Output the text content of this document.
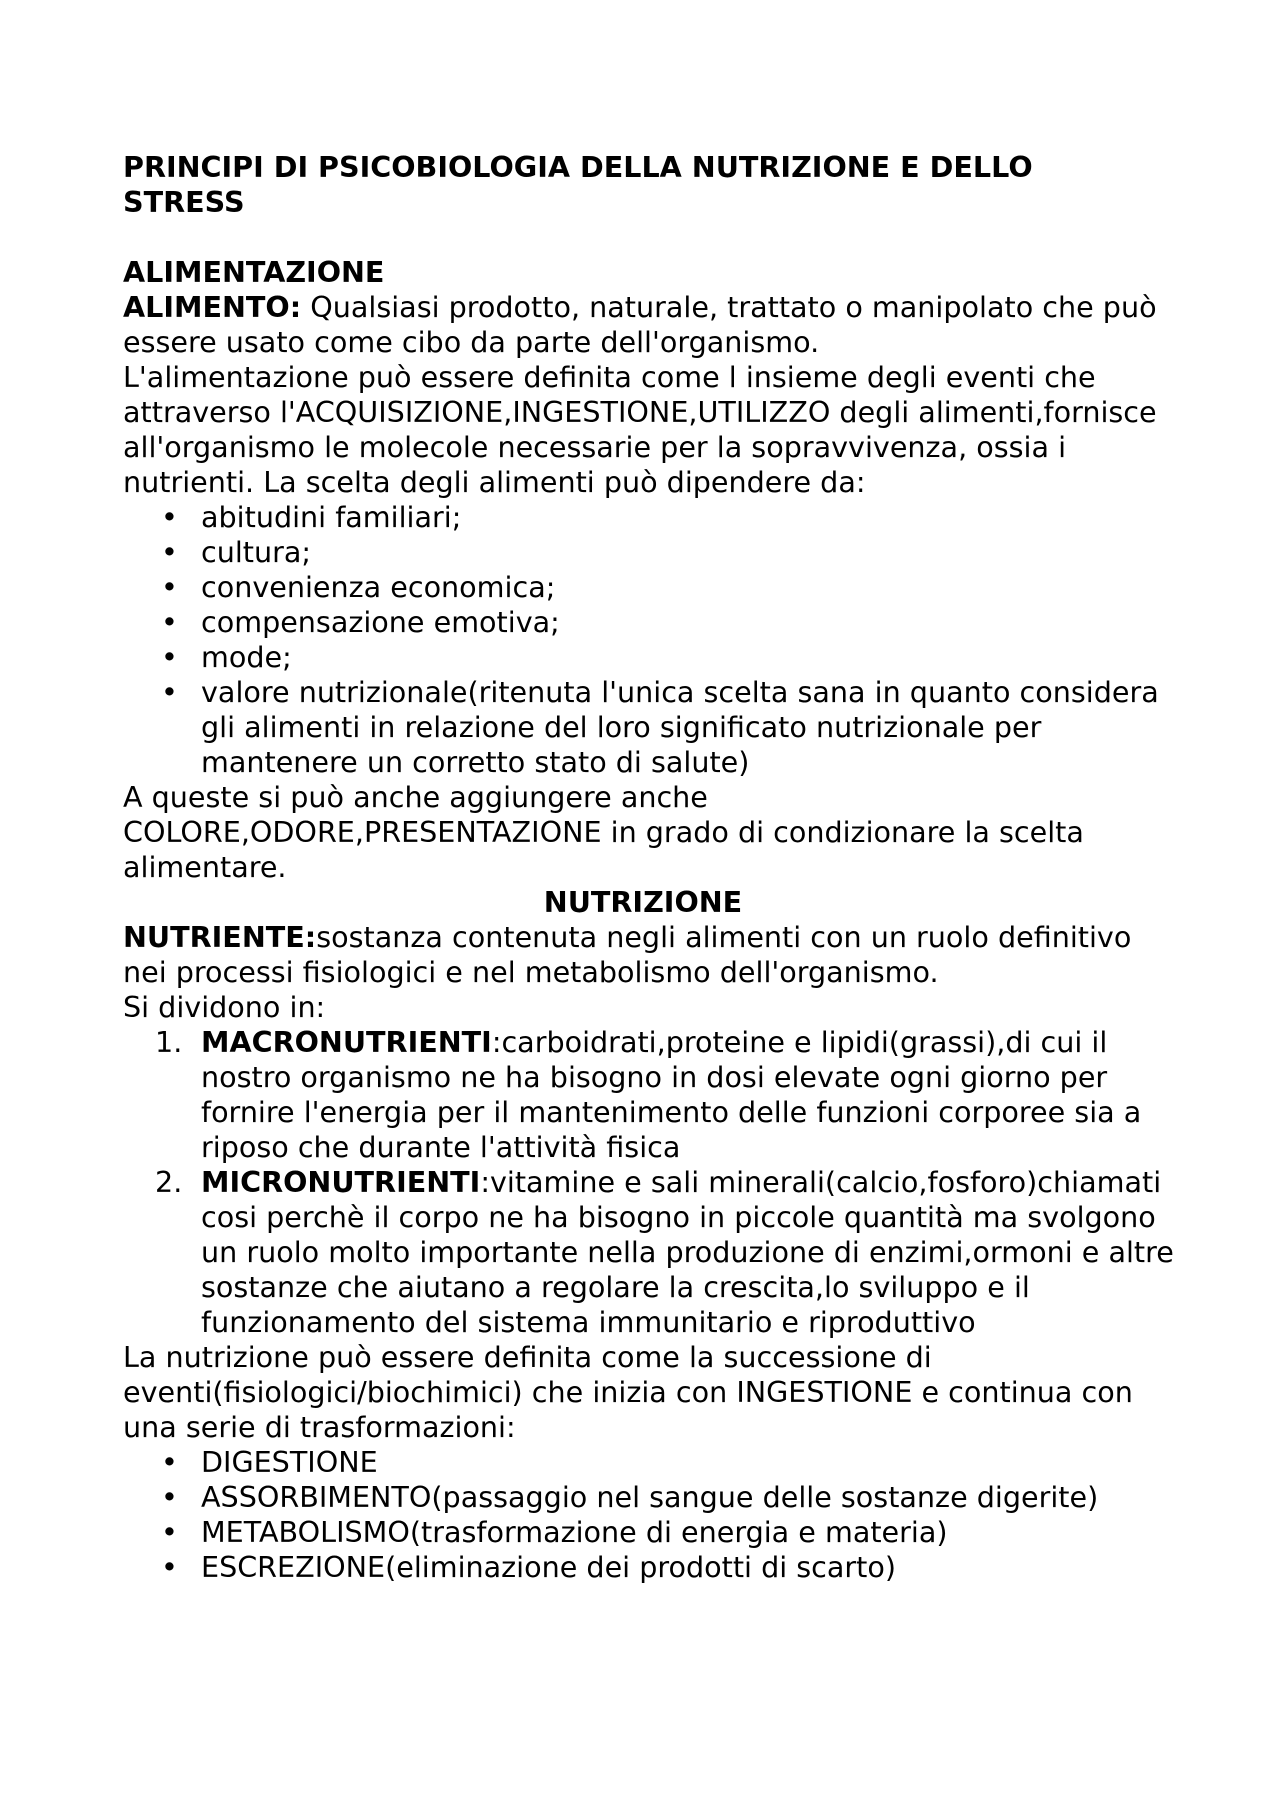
PRINCIPI DI PSICOBIOLOGIA DELLA NUTRIZIONE E DELLO STRESS

ALIMENTAZIONE

ALIMENTO: Qualsiasi prodotto, naturale, trattato o manipolato che può essere usato come cibo da parte dell'organismo.

L'alimentazione può essere definita come l insieme degli eventi che attraverso l'ACQUISIZIONE,INGESTIONE,UTILIZZO degli alimenti,fornisce all'organismo le molecole necessarie per la sopravvivenza, ossia i nutrienti. La scelta degli alimenti può dipendere da:

• abitudini familiari;
• cultura;
• convenienza economica;
• compensazione emotiva;
• mode;
• valore nutrizionale(ritenuta l'unica scelta sana in quanto considera gli alimenti in relazione del loro significato nutrizionale per mantenere un corretto stato di salute)

A queste si può anche aggiungere anche COLORE,ODORE,PRESENTAZIONE in grado di condizionare la scelta alimentare.

NUTRIZIONE

NUTRIENTE:sostanza contenuta negli alimenti con un ruolo definitivo nei processi fisiologici e nel metabolismo dell'organismo.

Si dividono in:

1. MACRONUTRIENTI:carboidrati,proteine e lipidi(grassi),di cui il nostro organismo ne ha bisogno in dosi elevate ogni giorno per fornire l'energia per il mantenimento delle funzioni corporee sia a riposo che durante l'attività fisica
2. MICRONUTRIENTI:vitamine e sali minerali(calcio,fosforo)chiamati cosi perchè il corpo ne ha bisogno in piccole quantità ma svolgono un ruolo molto importante nella produzione di enzimi,ormoni e altre sostanze che aiutano a regolare la crescita,lo sviluppo e il funzionamento del sistema immunitario e riproduttivo

La nutrizione può essere definita come la successione di eventi(fisiologici/biochimici) che inizia con INGESTIONE e continua con una serie di trasformazioni:

• DIGESTIONE
• ASSORBIMENTO(passaggio nel sangue delle sostanze digerite)
• METABOLISMO(trasformazione di energia e materia)
• ESCREZIONE(eliminazione dei prodotti di scarto)
